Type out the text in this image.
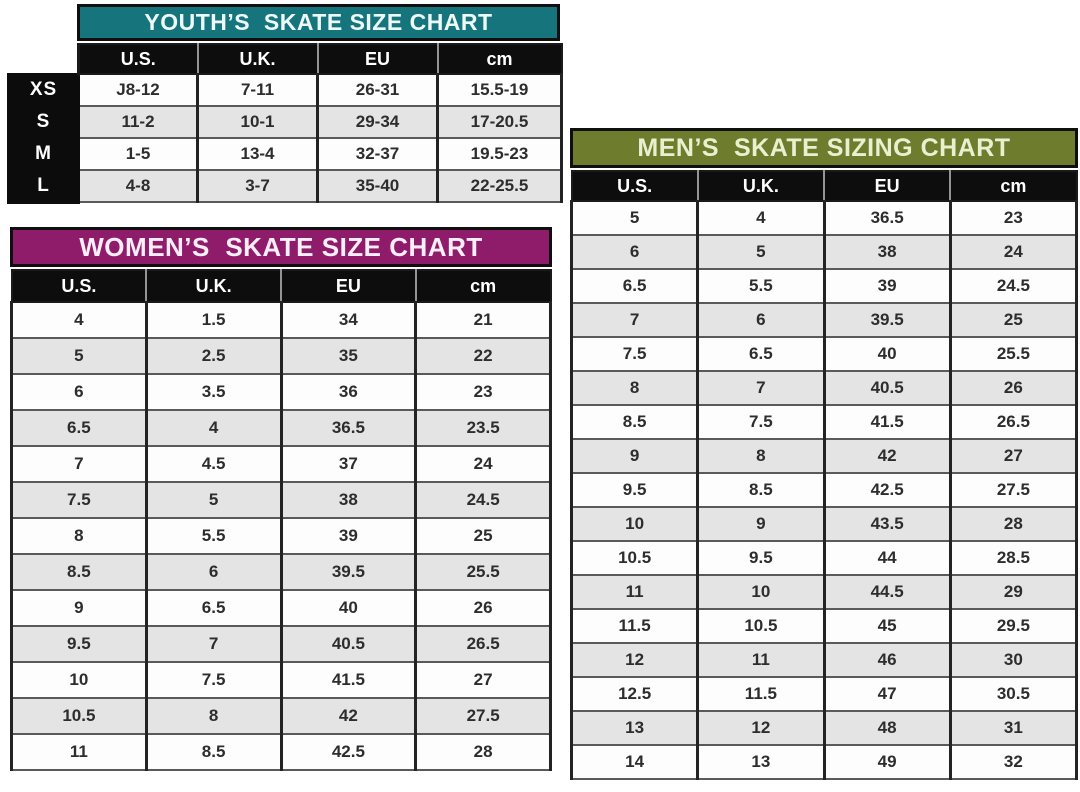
YOUTH’S  SKATE SIZE CHART
	U.S.	U.K.	EU	cm
XS	J8-12	7-11	26-31	15.5-19
S	11-2	10-1	29-34	17-20.5
M	1-5	13-4	32-37	19.5-23
L	4-8	3-7	35-40	22-25.5
WOMEN’S  SKATE SIZE CHART
U.S.	U.K.	EU	cm
4	1.5	34	21
5	2.5	35	22
6	3.5	36	23
6.5	4	36.5	23.5
7	4.5	37	24
7.5	5	38	24.5
8	5.5	39	25
8.5	6	39.5	25.5
9	6.5	40	26
9.5	7	40.5	26.5
10	7.5	41.5	27
10.5	8	42	27.5
11	8.5	42.5	28
MEN’S  SKATE SIZING CHART
U.S.	U.K.	EU	cm
5	4	36.5	23
6	5	38	24
6.5	5.5	39	24.5
7	6	39.5	25
7.5	6.5	40	25.5
8	7	40.5	26
8.5	7.5	41.5	26.5
9	8	42	27
9.5	8.5	42.5	27.5
10	9	43.5	28
10.5	9.5	44	28.5
11	10	44.5	29
11.5	10.5	45	29.5
12	11	46	30
12.5	11.5	47	30.5
13	12	48	31
14	13	49	32
